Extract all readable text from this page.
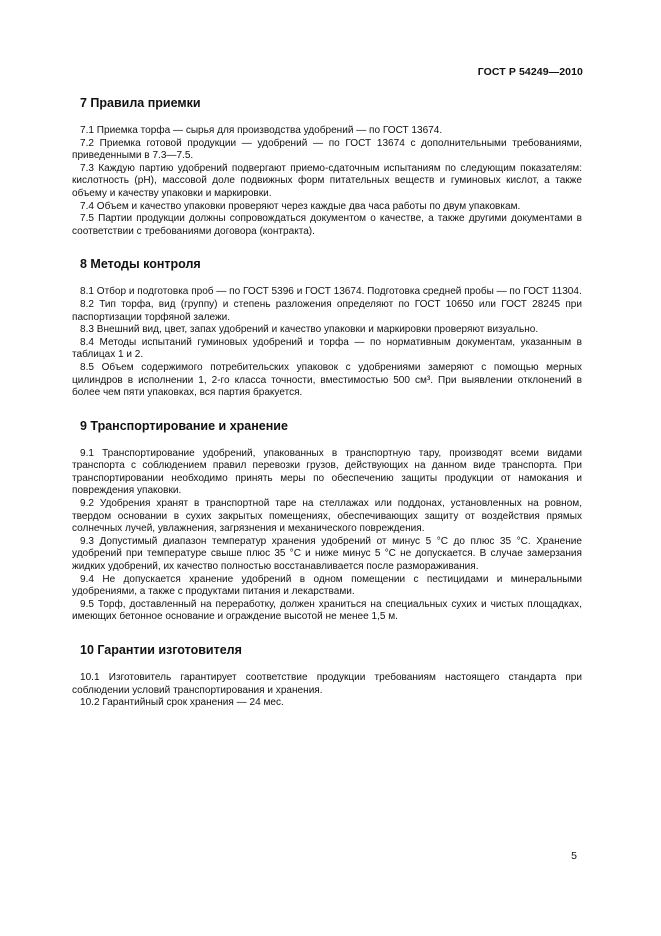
ГОСТ Р 54249—2010
7 Правила приемки

7.1 Приемка торфа — сырья для производства удобрений — по ГОСТ 13674.

7.2 Приемка готовой продукции — удобрений — по ГОСТ 13674 с дополнительными требованиями, приведенными в 7.3—7.5.

7.3 Каждую партию удобрений подвергают приемо-сдаточным испытаниям по следующим показателям: кислотность (рН), массовой доле подвижных форм питательных веществ и гуминовых кислот, а также объему и качеству упаковки и маркировки.

7.4 Объем и качество упаковки проверяют через каждые два часа работы по двум упаковкам.

7.5 Партии продукции должны сопровождаться документом о качестве, а также другими документами в соответствии с требованиями договора (контракта).

8 Методы контроля

8.1 Отбор и подготовка проб — по ГОСТ 5396 и ГОСТ 13674. Подготовка средней пробы — по ГОСТ 11304.

8.2 Тип торфа, вид (группу) и степень разложения определяют по ГОСТ 10650 или ГОСТ 28245 при паспортизации торфяной залежи.

8.3 Внешний вид, цвет, запах удобрений и качество упаковки и маркировки проверяют визуально.

8.4 Методы испытаний гуминовых удобрений и торфа — по нормативным документам, указанным в таблицах 1 и 2.

8.5 Объем содержимого потребительских упаковок с удобрениями замеряют с помощью мерных цилиндров в исполнении 1, 2-го класса точности, вместимостью 500 см³. При выявлении отклонений в более чем пяти упаковках, вся партия бракуется.

9 Транспортирование и хранение

9.1 Транспортирование удобрений, упакованных в транспортную тару, производят всеми видами транспорта с соблюдением правил перевозки грузов, действующих на данном виде транспорта. При транспортировании необходимо принять меры по обеспечению защиты продукции от намокания и повреждения упаковки.

9.2 Удобрения хранят в транспортной таре на стеллажах или поддонах, установленных на ровном, твердом основании в сухих закрытых помещениях, обеспечивающих защиту от воздействия прямых солнечных лучей, увлажнения, загрязнения и механического повреждения.

9.3 Допустимый диапазон температур хранения удобрений от минус 5 °С до плюс 35 °С. Хранение удобрений при температуре свыше плюс 35 °С и ниже минус 5 °С не допускается. В случае замерзания жидких удобрений, их качество полностью восстанавливается после размораживания.

9.4 Не допускается хранение удобрений в одном помещении с пестицидами и минеральными удобрениями, а также с продуктами питания и лекарствами.

9.5 Торф, доставленный на переработку, должен храниться на специальных сухих и чистых площадках, имеющих бетонное основание и ограждение высотой не менее 1,5 м.

10 Гарантии изготовителя

10.1 Изготовитель гарантирует соответствие продукции требованиям настоящего стандарта при соблюдении условий транспортирования и хранения.

10.2 Гарантийный срок хранения — 24 мес.

5
